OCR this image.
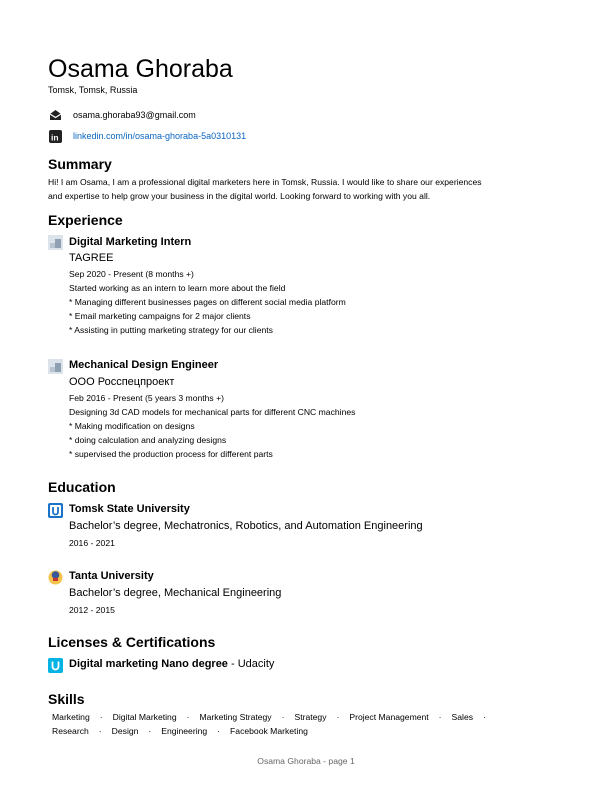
Osama Ghoraba
Tomsk, Tomsk, Russia
osama.ghoraba93@gmail.com
in linkedin.com/in/osama-ghoraba-5a0310131
Summary
Hi! I am Osama, I am a professional digital marketers here in Tomsk, Russia. I would like to share our experiences
and expertise to help grow your business in the digital world. Looking forward to working with you all.
Experience
Digital Marketing Intern
TAGREE
Sep 2020 - Present (8 months +)
Started working as an intern to learn more about the field
* Managing different businesses pages on different social media platform
* Email marketing campaigns for 2 major clients
* Assisting in putting marketing strategy for our clients
Mechanical Design Engineer
ООО Росспецпроект
Feb 2016 - Present (5 years 3 months +)
Designing 3d CAD models for mechanical parts for different CNC machines
* Making modification on designs
* doing calculation and analyzing designs
* supervised the production process for different parts
Education
Tomsk State University
Bachelor’s degree, Mechatronics, Robotics, and Automation Engineering
2016 - 2021
Tanta University
Bachelor’s degree, Mechanical Engineering
2012 - 2015
Licenses & Certifications
Digital marketing Nano degree - Udacity
Skills
Marketing · Digital Marketing · Marketing Strategy · Strategy · Project Management · Sales ·
Research · Design · Engineering · Facebook Marketing
Osama Ghoraba - page 1
